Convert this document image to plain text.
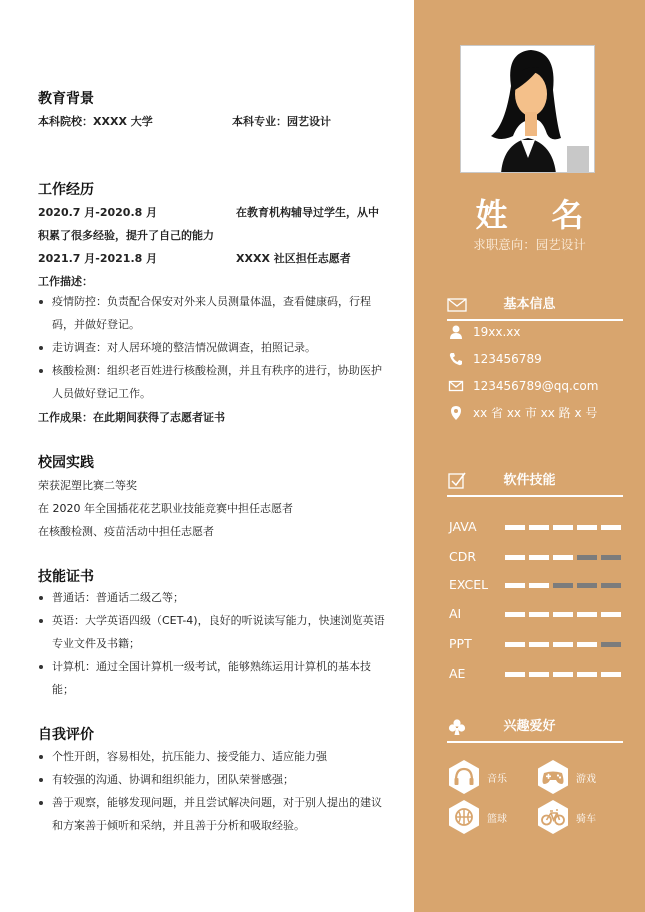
教育背景
本科院校：XXXX 大学	本科专业：园艺设计
工作经历
2020.7 月-2020.8 月	在教育机构辅导过学生，从中
积累了很多经验，提升了自己的能力
2021.7 月-2021.8 月	XXXX 社区担任志愿者
工作描述：
疫情防控：负责配合保安对外来人员测量体温，查看健康码，行程码，并做好登记。
走访调查：对人居环境的整洁情况做调查，拍照记录。
核酸检测：组织老百姓进行核酸检测，并且有秩序的进行，协助医护人员做好登记工作。
工作成果：在此期间获得了志愿者证书
校园实践
荣获泥塑比赛二等奖
在 2020 年全国插花花艺职业技能竞赛中担任志愿者
在核酸检测、疫苗活动中担任志愿者
技能证书
普通话：普通话二级乙等；
英语：大学英语四级（CET-4)，良好的听说读写能力，快速浏览英语专业文件及书籍；
计算机：通过全国计算机一级考试，能够熟练运用计算机的基本技能；
自我评价
个性开朗，容易相处，抗压能力、接受能力、适应能力强
有较强的沟通、协调和组织能力，团队荣誉感强；
善于观察，能够发现问题，并且尝试解决问题，对于别人提出的建议和方案善于倾听和采纳，并且善于分析和吸取经验。
姓名
求职意向：园艺设计
基本信息
19xx.xx
123456789
123456789@qq.com
xx 省 xx 市 xx 路 x 号
软件技能
JAVA
CDR
EXCEL
AI
PPT
AE
兴趣爱好
音乐	游戏
篮球	骑车
